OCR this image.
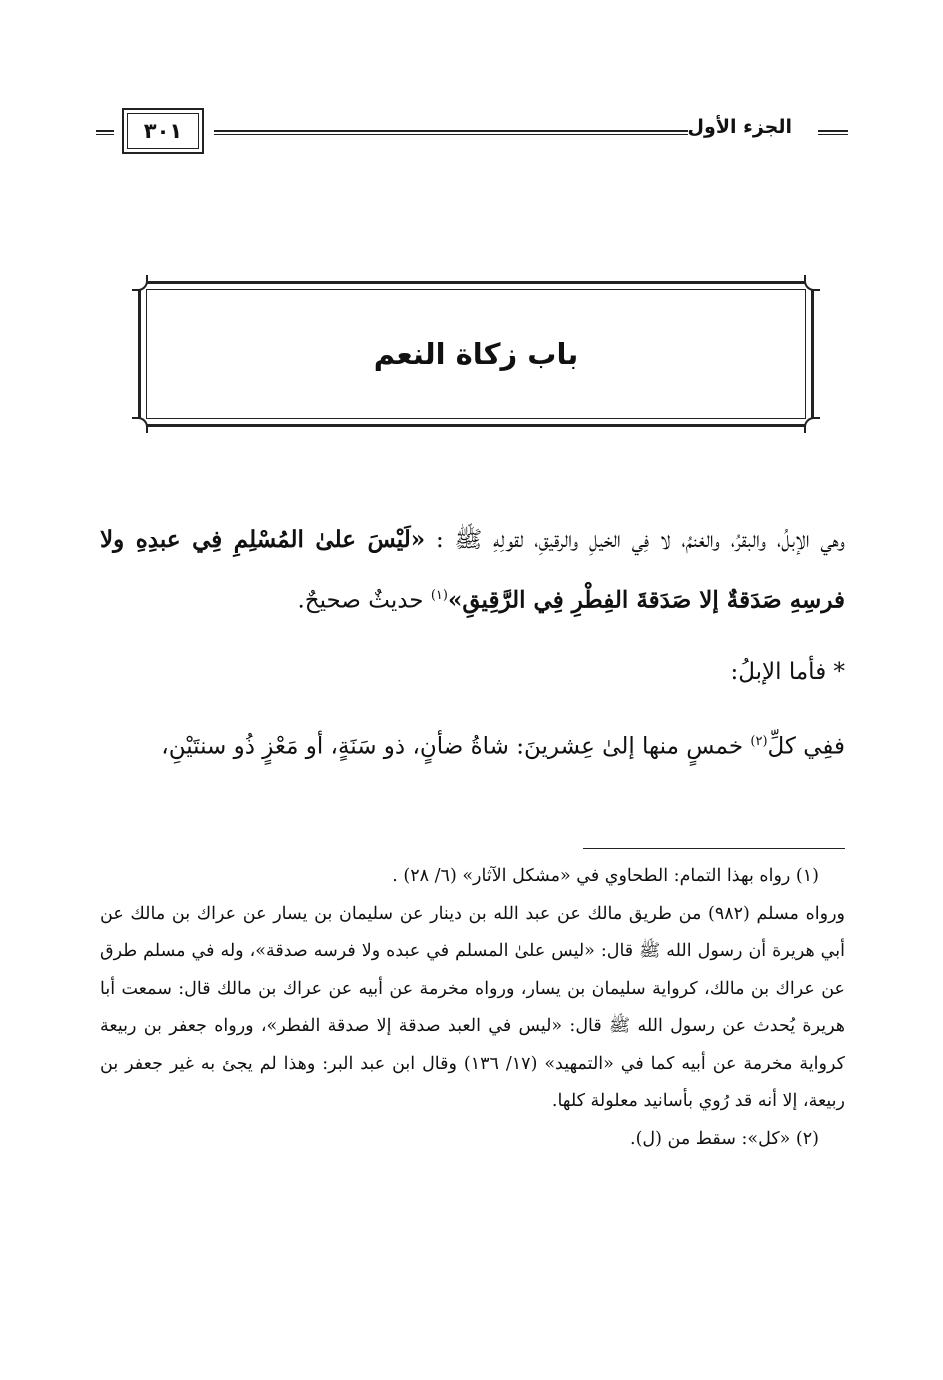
الجزء الأول
٣٠١
باب زكاة النعم

وهي الإبلُ، والبقرُ، والغنمُ، لا فِي الخيلِ والرقيقِ، لقولِهِ ﷺ : «لَيْسَ علىٰ المُسْلِمِ فِي عبدِهِ ولا فرسِهِ صَدَقةٌ إلا صَدَقةَ الفِطْرِ فِي الرَّقِيقِ»$^{(١)}$ حديثٌ صحيحٌ.

* فأما الإبلُ:

ففِي كلِّ$^{(٢)}$ خمسٍ منها إلىٰ عِشرينَ: شاةُ ضأنٍ، ذو سَنَةٍ، أو مَعْزٍ ذُو سنتَيْنِ،

(١) رواه بهذا التمام: الطحاوي في «مشكل الآثار» (٦/ ٢٨) .

ورواه مسلم (٩٨٢) من طريق مالك عن عبد الله بن دينار عن سليمان بن يسار عن عراك بن مالك عن أبي هريرة أن رسول الله ﷺ قال: «ليس علىٰ المسلم في عبده ولا فرسه صدقة»، وله في مسلم طرق عن عراك بن مالك، كرواية سليمان بن يسار، ورواه مخرمة عن أبيه عن عراك بن مالك قال: سمعت أبا هريرة يُحدث عن رسول الله ﷺ قال: «ليس في العبد صدقة إلا صدقة الفطر»، ورواه جعفر بن ربيعة كرواية مخرمة عن أبيه كما في «التمهيد» (١٧/ ١٣٦) وقال ابن عبد البر: وهذا لم يجئ به غير جعفر بن ربيعة، إلا أنه قد رُوي بأسانيد معلولة كلها.

(٢) «كل»: سقط من (ل).
